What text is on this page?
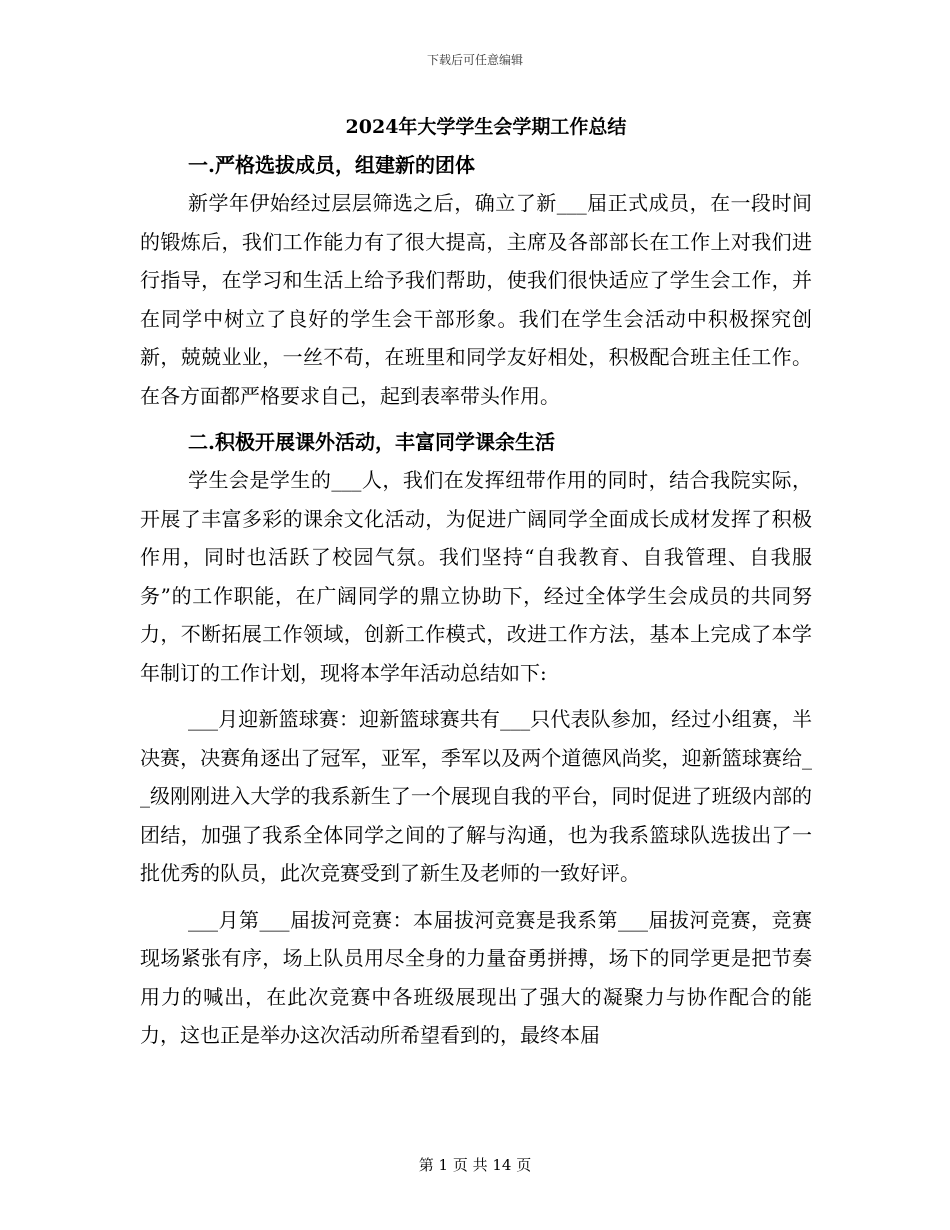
下载后可任意编辑
2024年大学学生会学期工作总结
一.严格选拔成员，组建新的团体

新学年伊始经过层层筛选之后，确立了新___届正式成员，在一段时间的锻炼后，我们工作能力有了很大提高，主席及各部部长在工作上对我们进行指导，在学习和生活上给予我们帮助，使我们很快适应了学生会工作，并在同学中树立了良好的学生会干部形象。我们在学生会活动中积极探究创新，兢兢业业，一丝不苟，在班里和同学友好相处，积极配合班主任工作。在各方面都严格要求自己，起到表率带头作用。

二.积极开展课外活动，丰富同学课余生活

学生会是学生的___人，我们在发挥纽带作用的同时，结合我院实际，开展了丰富多彩的课余文化活动，为促进广阔同学全面成长成材发挥了积极作用，同时也活跃了校园气氛。我们坚持“自我教育、自我管理、自我服务”的工作职能，在广阔同学的鼎立协助下，经过全体学生会成员的共同努力，不断拓展工作领域，创新工作模式，改进工作方法，基本上完成了本学年制订的工作计划，现将本学年活动总结如下:

___月迎新篮球赛：迎新篮球赛共有___只代表队参加，经过小组赛，半决赛，决赛角逐出了冠军，亚军，季军以及两个道德风尚奖，迎新篮球赛给__级刚刚进入大学的我系新生了一个展现自我的平台，同时促进了班级内部的团结，加强了我系全体同学之间的了解与沟通，也为我系篮球队选拔出了一批优秀的队员，此次竞赛受到了新生及老师的一致好评。

___月第___届拔河竞赛：本届拔河竞赛是我系第___届拔河竞赛，竞赛现场紧张有序，场上队员用尽全身的力量奋勇拼搏，场下的同学更是把节奏用力的喊出，在此次竞赛中各班级展现出了强大的凝聚力与协作配合的能力，这也正是举办这次活动所希望看到的，最终本届

第 1 页 共 14 页
